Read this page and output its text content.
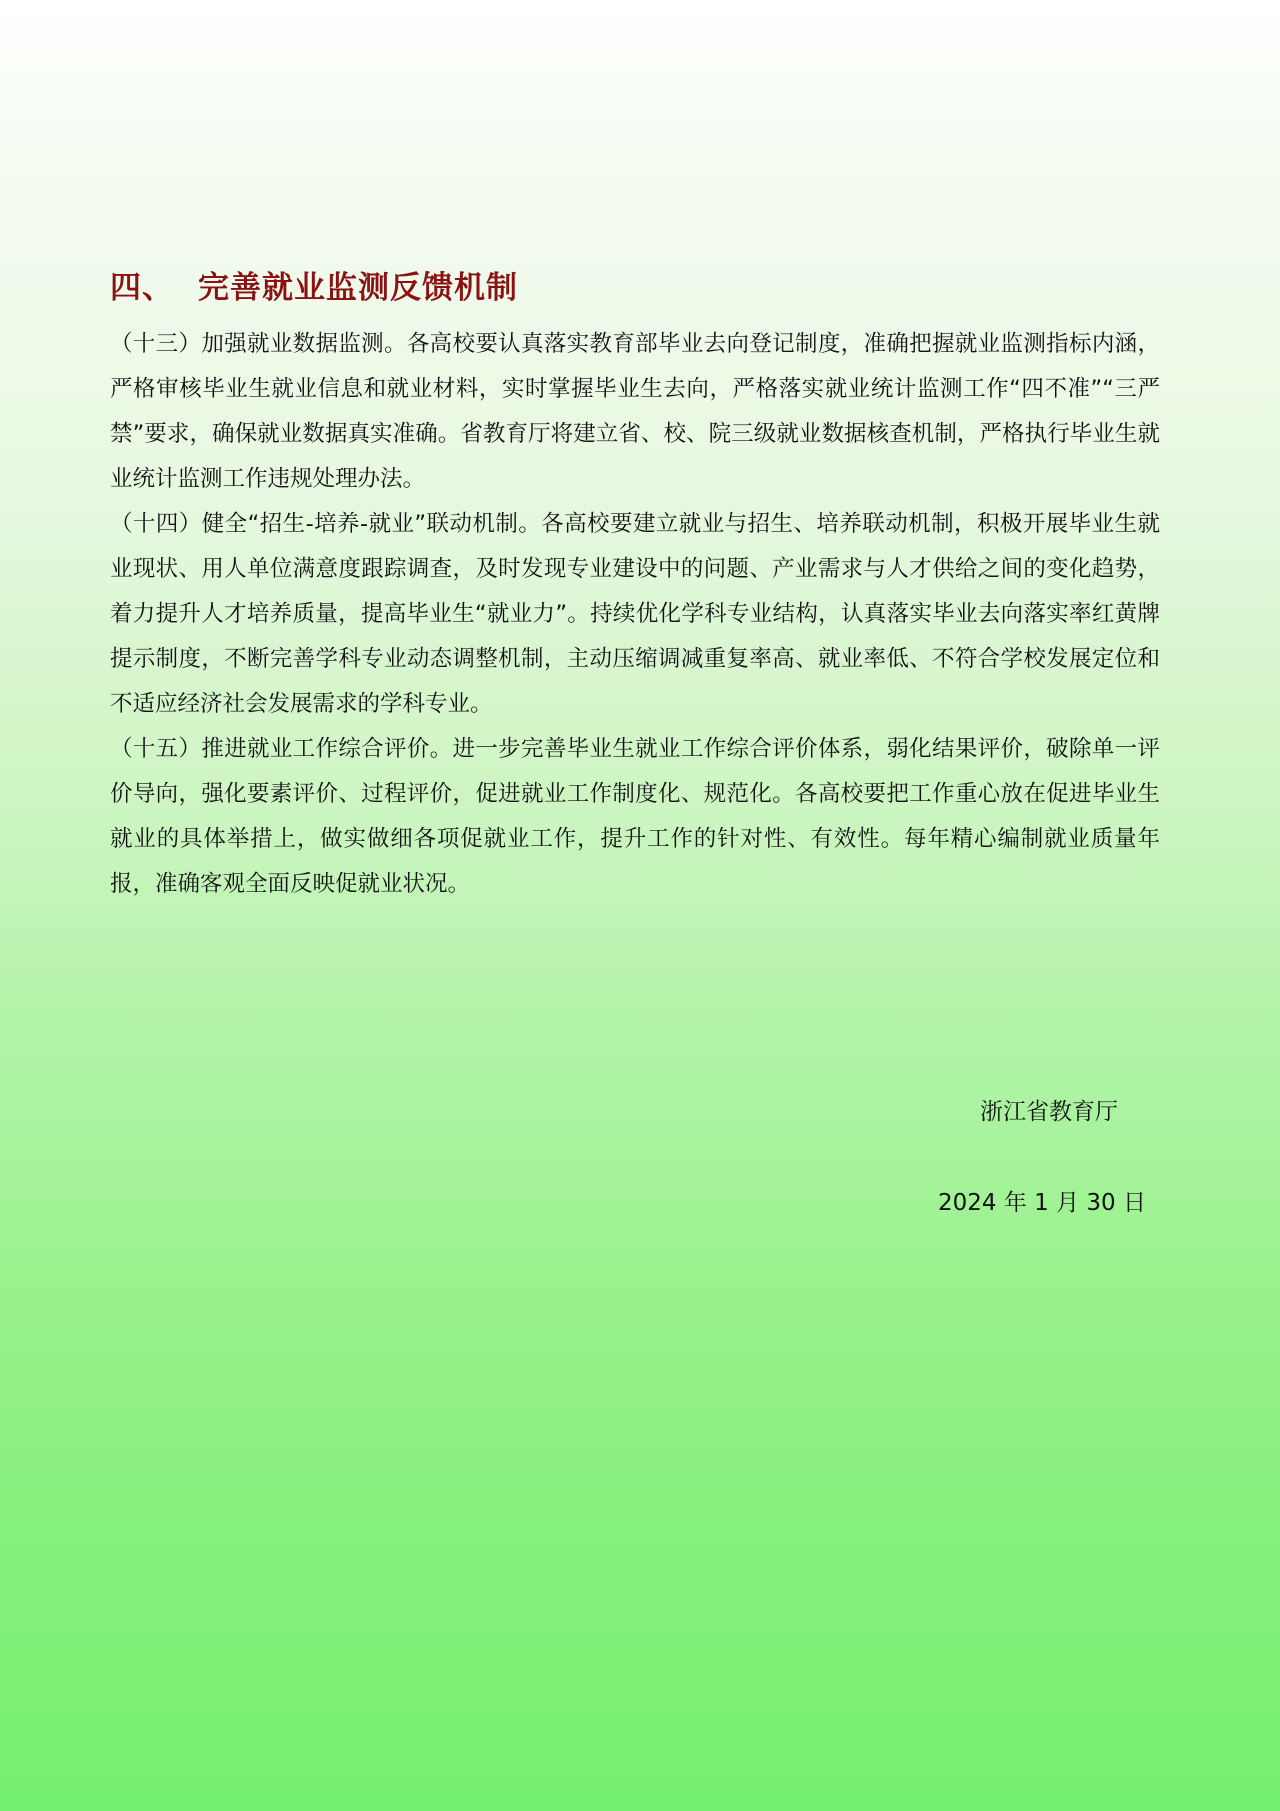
四、 完善就业监测反馈机制

（十三）加强就业数据监测。各高校要认真落实教育部毕业去向登记制度，准确把握就业监测指标内涵，严格审核毕业生就业信息和就业材料，实时掌握毕业生去向，严格落实就业统计监测工作“四不准”“三严禁”要求，确保就业数据真实准确。省教育厅将建立省、校、院三级就业数据核查机制，严格执行毕业生就业统计监测工作违规处理办法。

（十四）健全“招生-培养-就业”联动机制。各高校要建立就业与招生、培养联动机制，积极开展毕业生就业现状、用人单位满意度跟踪调查，及时发现专业建设中的问题、产业需求与人才供给之间的变化趋势，着力提升人才培养质量，提高毕业生“就业力”。持续优化学科专业结构，认真落实毕业去向落实率红黄牌提示制度，不断完善学科专业动态调整机制，主动压缩调减重复率高、就业率低、不符合学校发展定位和不适应经济社会发展需求的学科专业。

（十五）推进就业工作综合评价。进一步完善毕业生就业工作综合评价体系，弱化结果评价，破除单一评价导向，强化要素评价、过程评价，促进就业工作制度化、规范化。各高校要把工作重心放在促进毕业生就业的具体举措上，做实做细各项促就业工作，提升工作的针对性、有效性。每年精心编制就业质量年报，准确客观全面反映促就业状况。

浙江省教育厅
2024 年 1 月 30 日
